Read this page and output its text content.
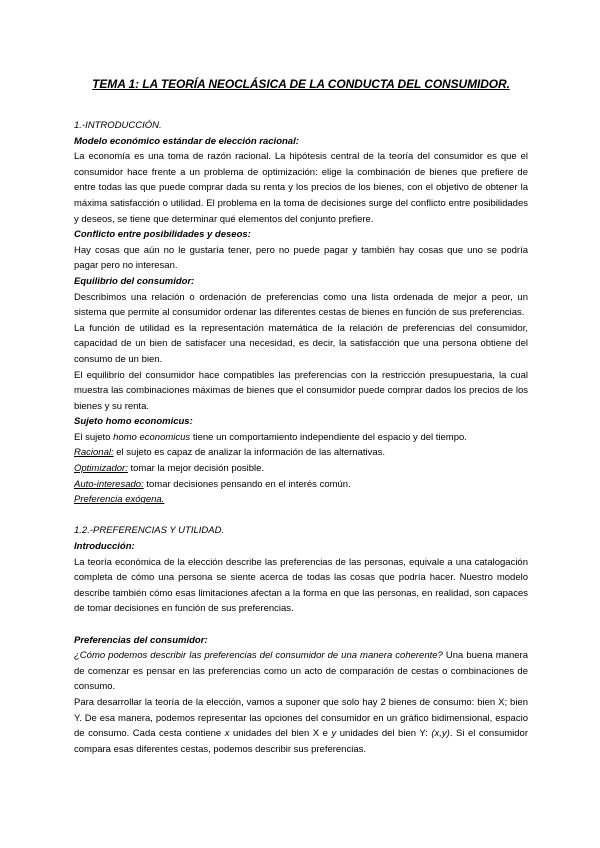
TEMA 1: LA TEORÍA NEOCLÁSICA DE LA CONDUCTA DEL CONSUMIDOR.
1.-INTRODUCCIÓN.
Modelo económico estándar de elección racional:

La economía es una toma de razón racional. La hipótesis central de la teoría del consumidor es que el consumidor hace frente a un problema de optimización: elige la combinación de bienes que prefiere de entre todas las que puede comprar dada su renta y los precios de los bienes, con el objetivo de obtener la máxima satisfacción o utilidad. El problema en la toma de decisiones surge del conflicto entre posibilidades y deseos, se tiene que determinar qué elementos del conjunto prefiere.

Conflicto entre posibilidades y deseos:

Hay cosas que aún no le gustaría tener, pero no puede pagar y también hay cosas que uno se podría pagar pero no interesan.

Equilibrio del consumidor:

Describimos una relación o ordenación de preferencias como una lista ordenada de mejor a peor, un sistema que permite al consumidor ordenar las diferentes cestas de bienes en función de sus preferencias.

La función de utilidad es la representación matemática de la relación de preferencias del consumidor, capacidad de un bien de satisfacer una necesidad, es decir, la satisfacción que una persona obtiene del consumo de un bien.

El equilibrio del consumidor hace compatibles las preferencias con la restricción presupuestaria, la cual muestra las combinaciones máximas de bienes que el consumidor puede comprar dados los precios de los bienes y su renta.

Sujeto homo economicus:

El sujeto homo economicus tiene un comportamiento independiente del espacio y del tiempo.

Racional: el sujeto es capaz de analizar la información de las alternativas.

Optimizador: tomar la mejor decisión posible.

Auto-interesado: tomar decisiones pensando en el interés común.

Preferencia exógena.

1.2.-PREFERENCIAS Y UTILIDAD.
Introducción:

La teoría económica de la elección describe las preferencias de las personas, equivale a una catalogación completa de cómo una persona se siente acerca de todas las cosas que podría hacer. Nuestro modelo describe también cómo esas limitaciones afectan a la forma en que las personas, en realidad, son capaces de tomar decisiones en función de sus preferencias.

Preferencias del consumidor:

¿Cómo podemos describir las preferencias del consumidor de una manera coherente? Una buena manera de comenzar es pensar en las preferencias como un acto de comparación de cestas o combinaciones de consumo.

Para desarrollar la teoría de la elección, vamos a suponer que solo hay 2 bienes de consumo: bien X; bien Y. De esa manera, podemos representar las opciones del consumidor en un gráfico bidimensional, espacio de consumo. Cada cesta contiene x unidades del bien X e y unidades del bien Y: (x,y). Si el consumidor compara esas diferentes cestas, podemos describir sus preferencias.
